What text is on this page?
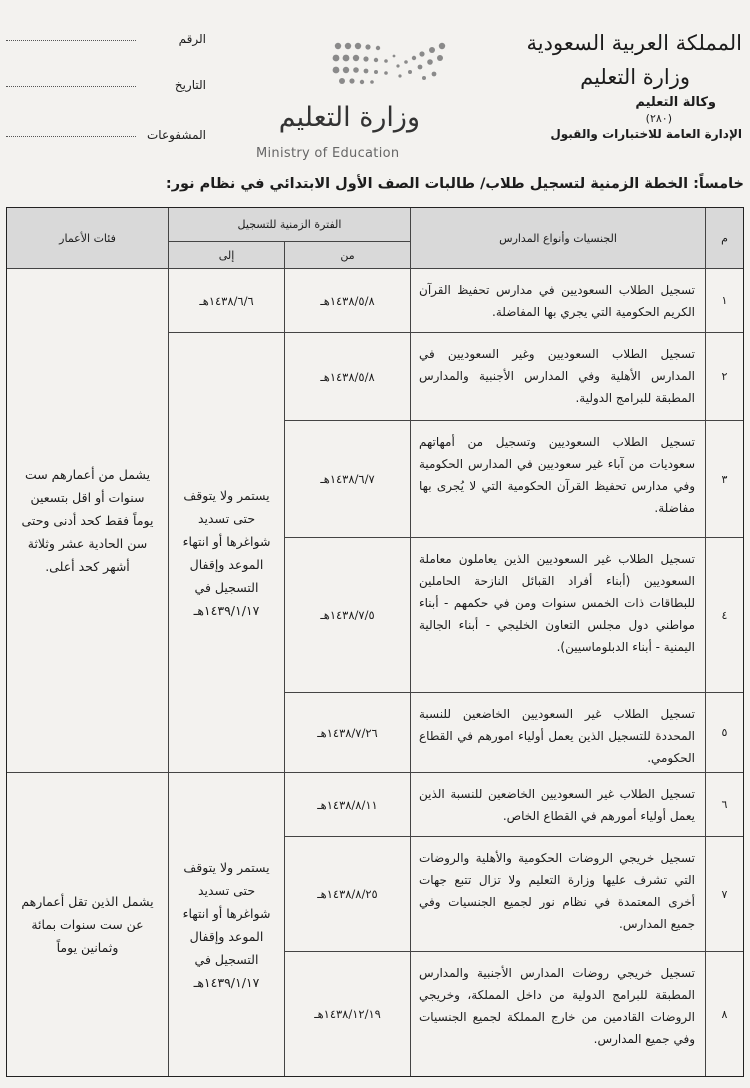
المملكة العربية السعودية
وزارة التعليم
وكالة التعليم
(٢٨٠)
الإدارة العامة للاختبارات والقبول
وزارة التعليم
Ministry of Education
الرقم
التاريخ
المشفوعات
خامساً: الخطة الزمنية لتسجيل طلاب/ طالبات الصف الأول الابتدائي في نظام نور:
م
الجنسيات وأنواع المدارس
الفترة الزمنية للتسجيل
من
إلى
فئات الأعمار
١
٢
٣
٤
٥
٦
٧
٨
تسجيل الطلاب السعوديين في مدارس تحفيظ القرآن الكريم الحكومية التي يجري بها المفاضلة.
تسجيل الطلاب السعوديين وغير السعوديين في المدارس الأهلية وفي المدارس الأجنبية والمدارس المطبقة للبرامج الدولية.
تسجيل الطلاب السعوديين وتسجيل من أمهاتهم سعوديات من آباء غير سعوديين في المدارس الحكومية وفي مدارس تحفيظ القرآن الحكومية التي لا يُجرى بها مفاضلة.
تسجيل الطلاب غير السعوديين الذين يعاملون معاملة السعوديين (أبناء أفراد القبائل النازحة الحاملين للبطاقات ذات الخمس سنوات ومن في حكمهم - أبناء مواطني دول مجلس التعاون الخليجي - أبناء الجالية اليمنية - أبناء الدبلوماسيين).
تسجيل الطلاب غير السعوديين الخاضعين للنسبة المحددة للتسجيل الذين يعمل أولياء امورهم في القطاع الحكومي.
تسجيل الطلاب غير السعوديين الخاضعين للنسبة الذين يعمل أولياء أمورهم في القطاع الخاص.
تسجيل خريجي الروضات الحكومية والأهلية والروضات التي تشرف عليها وزارة التعليم ولا تزال تتبع جهات أخرى المعتمدة في نظام نور لجميع الجنسيات وفي جميع المدارس.
تسجيل خريجي روضات المدارس الأجنبية والمدارس المطبقة للبرامج الدولية من داخل المملكة، وخريجي الروضات القادمين من خارج المملكة لجميع الجنسيات وفي جميع المدارس.
١٤٣٨/٥/٨هـ
١٤٣٨/٥/٨هـ
١٤٣٨/٦/٧هـ
١٤٣٨/٧/٥هـ
١٤٣٨/٧/٢٦هـ
١٤٣٨/٨/١١هـ
١٤٣٨/٨/٢٥هـ
١٤٣٨/١٢/١٩هـ
١٤٣٨/٦/٦هـ
يستمر ولا يتوقف حتى تسديد شواغرها أو انتهاء الموعد وإقفال التسجيل في ١٤٣٩/١/١٧هـ
يستمر ولا يتوقف حتى تسديد شواغرها أو انتهاء الموعد وإقفال التسجيل في ١٤٣٩/١/١٧هـ
يشمل من أعمارهم ست سنوات أو اقل بتسعين يوماً فقط كحد أدنى وحتى سن الحادية عشر وثلاثة أشهر كحد أعلى.
يشمل الذين تقل أعمارهم عن ست سنوات بمائة وثمانين يوماً
